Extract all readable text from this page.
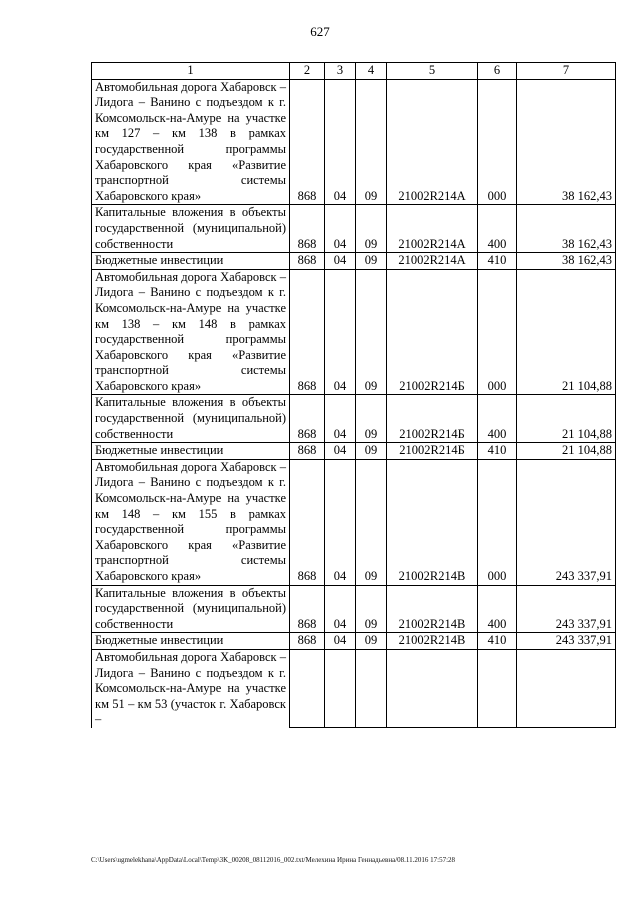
627
1	2	3	4	5	6	7
Автомобильная дорога Хабаровск – Лидога – Ванино с подъездом к г. Комсомольск-на-Амуре на участке км 127 – км 138 в рамках государственной программы Хабаровского края «Развитие транспортной системы Хабаровского края»	868	04	09	21002R214A	000	38 162,43
Капитальные вложения в объекты государственной (муниципальной) собственности	868	04	09	21002R214A	400	38 162,43
Бюджетные инвестиции	868	04	09	21002R214A	410	38 162,43
Автомобильная дорога Хабаровск – Лидога – Ванино с подъездом к г. Комсомольск-на-Амуре на участке км 138 – км 148 в рамках государственной программы Хабаровского края «Развитие транспортной системы Хабаровского края»	868	04	09	21002R214Б	000	21 104,88
Капитальные вложения в объекты государственной (муниципальной) собственности	868	04	09	21002R214Б	400	21 104,88
Бюджетные инвестиции	868	04	09	21002R214Б	410	21 104,88
Автомобильная дорога Хабаровск – Лидога – Ванино с подъездом к г. Комсомольск-на-Амуре на участке км 148 – км 155 в рамках государственной программы Хабаровского края «Развитие транспортной системы Хабаровского края»	868	04	09	21002R214В	000	243 337,91
Капитальные вложения в объекты государственной (муниципальной) собственности	868	04	09	21002R214В	400	243 337,91
Бюджетные инвестиции	868	04	09	21002R214В	410	243 337,91
Автомобильная дорога Хабаровск – Лидога – Ванино с подъездом к г. Комсомольск-на-Амуре на участке км 51 – км 53 (участок г. Хабаровск –						
C:\Users\ugmelekhana\AppData\Local\Temp\3K_00208_08112016_002.txt/Мелехина Ирина Геннадьевна/08.11.2016 17:57:28
